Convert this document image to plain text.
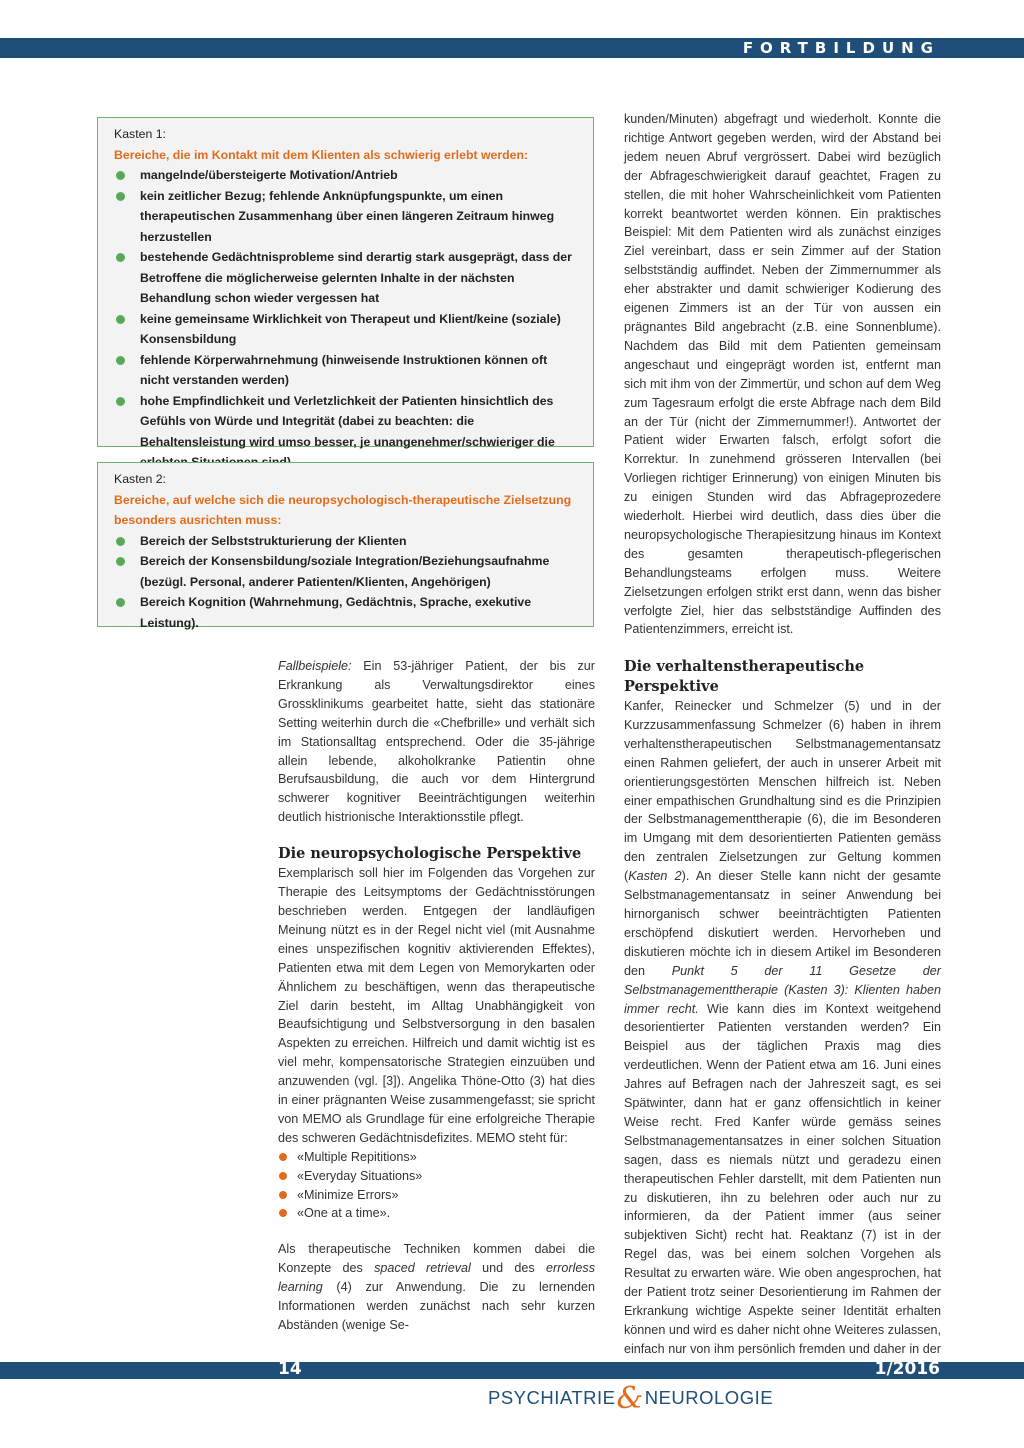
FORTBILDUNG
Kasten 1:
Bereiche, die im Kontakt mit dem Klienten als schwierig erlebt werden:
mangelnde/übersteigerte Motivation/Antrieb
kein zeitlicher Bezug; fehlende Anknüpfungspunkte, um einen therapeutischen Zusammenhang über einen längeren Zeitraum hinweg herzustellen
bestehende Gedächtnisprobleme sind derartig stark ausgeprägt, dass der Betroffene die möglicherweise gelernten Inhalte in der nächsten Behandlung schon wieder vergessen hat
keine gemeinsame Wirklichkeit von Therapeut und Klient/keine (soziale) Konsensbildung
fehlende Körperwahrnehmung (hinweisende Instruktionen können oft nicht verstanden werden)
hohe Empfindlichkeit und Verletzlichkeit der Patienten hinsichtlich des Gefühls von Würde und Integrität (dabei zu beachten: die Behaltensleistung wird umso besser, je unangenehmer/schwieriger die
Kasten 2:
Bereiche, auf welche sich die neuropsychologisch-therapeutische Zielsetzung besonders ausrichten muss:
Bereich der Selbststrukturierung der Klienten
Bereich der Konsensbildung/soziale Integration/Beziehungsaufnahme (bezügl. Personal, anderer Patienten/Klienten, Angehörigen)
Bereich Kognition (Wahrnehmung, Gedächtnis, Sprache, exekutive Leistung).

kunden/Minuten) abgefragt und wiederholt. Konnte die richtige Antwort gegeben werden, wird der Abstand bei jedem neuen Abruf vergrössert. Dabei wird bezüglich der Abfrageschwierigkeit darauf geachtet, Fragen zu stellen, die mit hoher Wahrscheinlichkeit vom Patienten korrekt beantwortet werden können. Ein praktisches Beispiel: Mit dem Patienten wird als zunächst einziges Ziel vereinbart, dass er sein Zimmer auf der Station selbstständig auffindet. Neben der Zimmernummer als eher abstrakter und damit schwieriger Kodierung des eigenen Zimmers ist an der Tür von aussen ein prägnantes Bild angebracht (z.B. eine Sonnenblume). Nachdem das Bild mit dem Patienten gemeinsam angeschaut und eingeprägt worden ist, entfernt man sich mit ihm von der Zimmertür, und schon auf dem Weg zum Tagesraum erfolgt die erste Abfrage nach dem Bild an der Tür (nicht der Zimmernummer!). Antwortet der Patient wider Erwarten falsch, erfolgt sofort die Korrektur. In zunehmend grösseren Intervallen (bei Vorliegen richtiger Erinnerung) von einigen Minuten bis zu einigen Stunden wird das Abfrageprozedere wiederholt. Hierbei wird deutlich, dass dies über die neuropsychologische Therapiesitzung hinaus im Kontext des gesamten therapeutisch-pflegerischen Behandlungsteams erfolgen muss. Weitere Zielsetzungen erfolgen strikt erst dann, wenn das bisher verfolgte Ziel, hier das selbstständige Auffinden des Patientenzimmers, erreicht ist.

Fallbeispiele: Ein 53-jähriger Patient, der bis zur Erkrankung als Verwaltungsdirektor eines Grossklinikums gearbeitet hatte, sieht das stationäre Setting weiterhin durch die «Chefbrille» und verhält sich im Stationsalltag entsprechend. Oder die 35-jährige allein lebende, alkoholkranke Patientin ohne Berufsausbildung, die auch vor dem Hintergrund schwerer kognitiver Beeinträchtigungen weiterhin deutlich histrionische Interaktionsstile pflegt.

Die neuropsychologische Perspektive

Exemplarisch soll hier im Folgenden das Vorgehen zur Therapie des Leitsymptoms der Gedächtnisstörungen beschrieben werden. Entgegen der landläufigen Meinung nützt es in der Regel nicht viel (mit Ausnahme eines unspezifischen kognitiv aktivierenden Effektes), Patienten etwa mit dem Legen von Memorykarten oder Ähnlichem zu beschäftigen, wenn das therapeutische Ziel darin besteht, im Alltag Unabhängigkeit von Beaufsichtigung und Selbstversorgung in den basalen Aspekten zu erreichen. Hilfreich und damit wichtig ist es viel mehr, kompensatorische Strategien einzuüben und anzuwenden (vgl. [3]). Angelika Thöne-Otto (3) hat dies in einer prägnanten Weise zusammengefasst; sie spricht von MEMO als Grundlage für eine erfolgreiche Therapie des schweren Gedächtnisdefizites. MEMO steht für:

«Multiple Repititions»
«Everyday Situations»
«Minimize Errors»
«One at a time».

Als therapeutische Techniken kommen dabei die Konzepte des spaced retrieval und des errorless learning (4) zur Anwendung. Die zu lernenden Informationen werden zunächst nach sehr kurzen Abständen (wenige Se-

Die verhaltenstherapeutische Perspektive

Kanfer, Reinecker und Schmelzer (5) und in der Kurzzusammenfassung Schmelzer (6) haben in ihrem verhaltenstherapeutischen Selbstmanagementansatz einen Rahmen geliefert, der auch in unserer Arbeit mit orientierungsgestörten Menschen hilfreich ist. Neben einer empathischen Grundhaltung sind es die Prinzipien der Selbstmanagementtherapie (6), die im Besonderen im Umgang mit dem desorientierten Patienten gemäss den zentralen Zielsetzungen zur Geltung kommen (Kasten 2). An dieser Stelle kann nicht der gesamte Selbstmanagementansatz in seiner Anwendung bei hirnorganisch schwer beeinträchtigten Patienten erschöpfend diskutiert werden. Hervorheben und diskutieren möchte ich in diesem Artikel im Besonderen den Punkt 5 der 11 Gesetze der Selbstmanagementtherapie (Kasten 3): Klienten haben immer recht. Wie kann dies im Kontext weitgehend desorientierter Patienten verstanden werden? Ein Beispiel aus der täglichen Praxis mag dies verdeutlichen. Wenn der Patient etwa am 16. Juni eines Jahres auf Befragen nach der Jahreszeit sagt, es sei Spätwinter, dann hat er ganz offensichtlich in keiner Weise recht. Fred Kanfer würde gemäss seines Selbstmanagementansatzes in einer solchen Situation sagen, dass es niemals nützt und geradezu einen therapeutischen Fehler darstellt, mit dem Patienten nun zu diskutieren, ihn zu belehren oder auch nur zu informieren, da der Patient immer (aus seiner subjektiven Sicht) recht hat. Reaktanz (7) ist in der Regel das, was bei einem solchen Vorgehen als Resultat zu erwarten wäre. Wie oben angesprochen, hat der Patient trotz seiner Desorientierung im Rahmen der Erkrankung wichtige Aspekte seiner Identität erhalten können und wird es daher nicht ohne Weiteres zulassen, einfach nur von ihm persönlich fremden und daher in der

14	1/2016
PSYCHIATRIE&NEUROLOGIE
